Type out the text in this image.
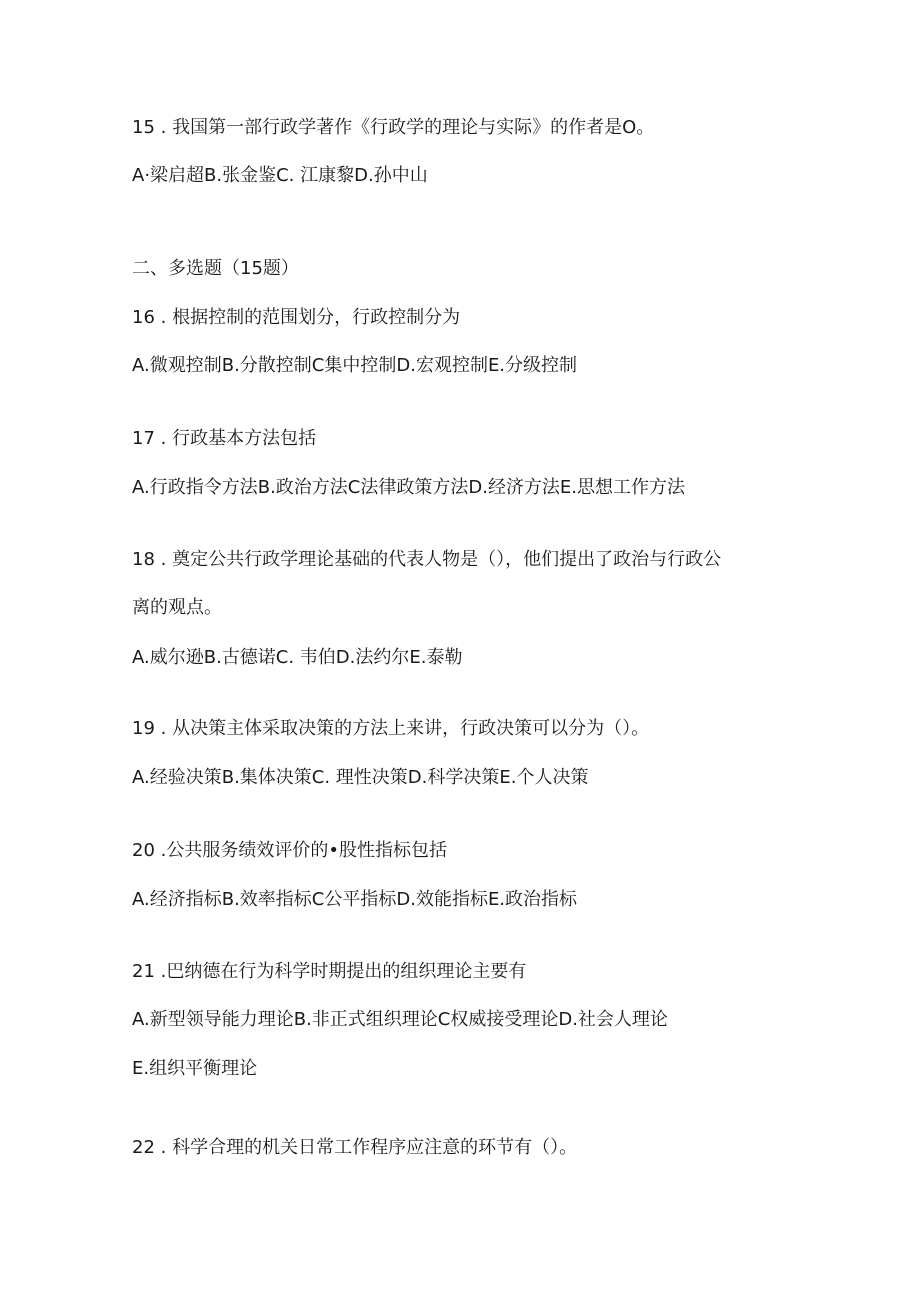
15 . 我国第一部行政学著作《行政学的理论与实际》的作者是O。
A·梁启超B.张金鉴C. 江康黎D.孙中山
二、多选题（15题）
16 . 根据控制的范围划分，行政控制分为
A.微观控制B.分散控制C集中控制D.宏观控制E.分级控制
17 . 行政基本方法包括
A.行政指令方法B.政治方法C法律政策方法D.经济方法E.思想工作方法
18 . 奠定公共行政学理论基础的代表人物是（），他们提出了政治与行政公
离的观点。
A.威尔逊B.古德诺C. 韦伯D.法约尔E.泰勒
19 . 从决策主体采取决策的方法上来讲，行政决策可以分为（）。
A.经验决策B.集体决策C. 理性决策D.科学决策E.个人决策
20 .公共服务绩效评价的•股性指标包括
A.经济指标B.效率指标C公平指标D.效能指标E.政治指标
21 .巴纳德在行为科学时期提出的组织理论主要有
A.新型领导能力理论B.非正式组织理论C权威接受理论D.社会人理论
E.组织平衡理论
22 . 科学合理的机关日常工作程序应注意的环节有（）。
